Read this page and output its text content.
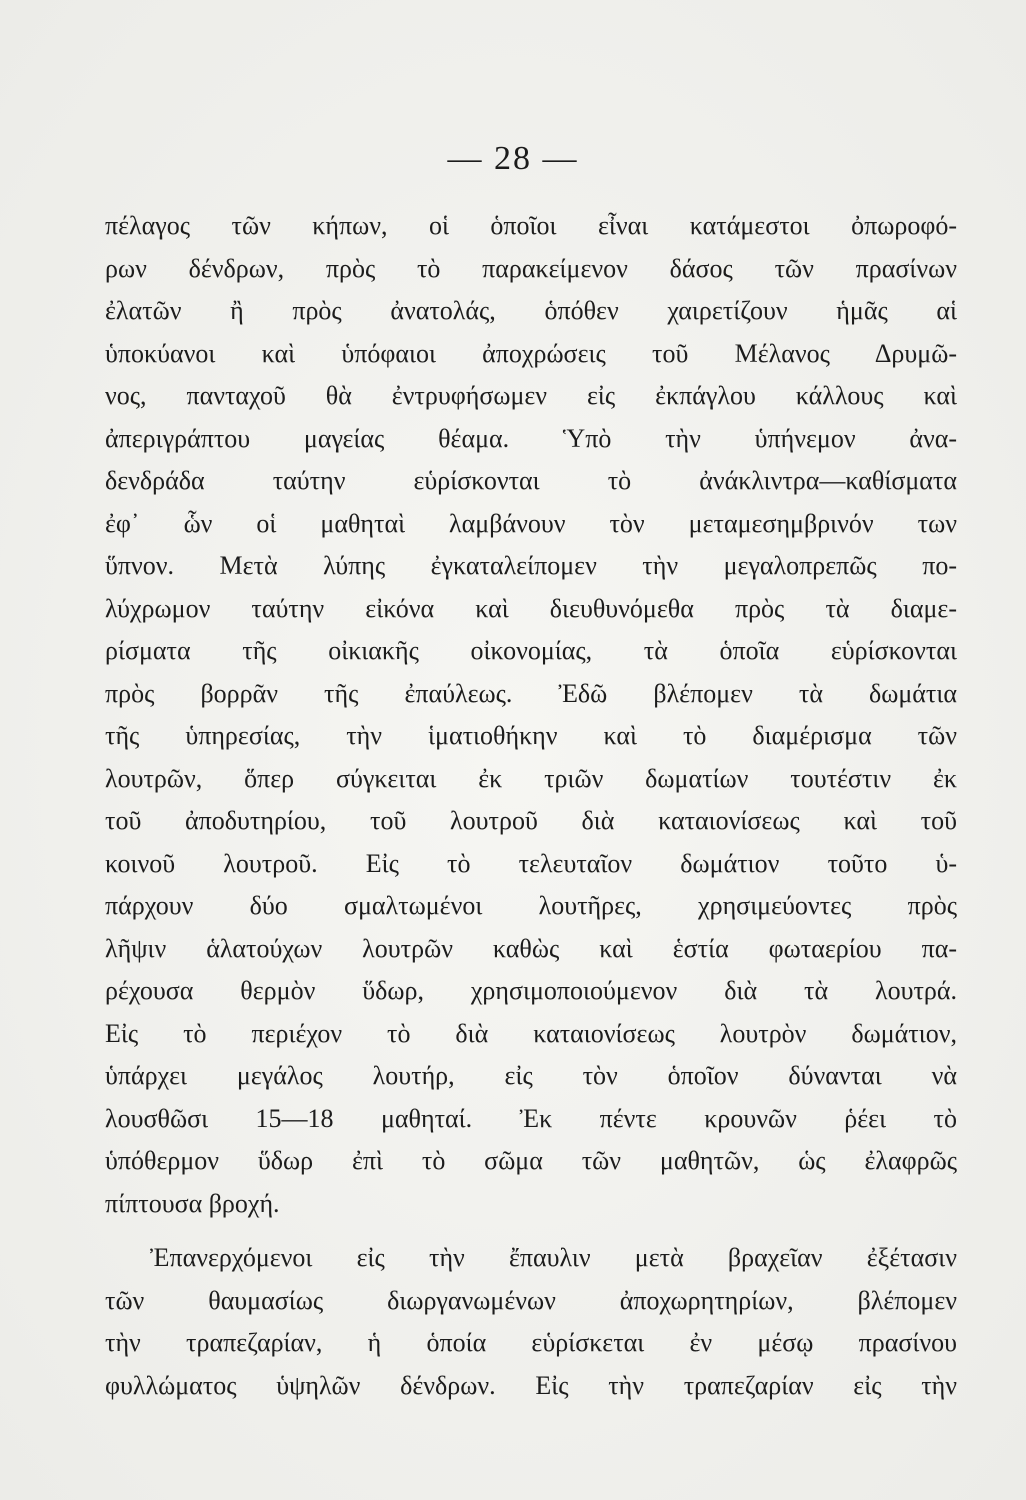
— 28 —
πέλαγος τῶν κήπων, οἱ ὁποῖοι εἶναι κατάμεστοι ὀπωροφό-
ρων δένδρων, πρὸς τὸ παρακείμενον δάσος τῶν πρασίνων
ἐλατῶν ἢ πρὸς ἀνατολάς, ὁπόθεν χαιρετίζουν ἡμᾶς αἱ
ὑποκύανοι καὶ ὑπόφαιοι ἀποχρώσεις τοῦ Μέλανος Δρυμῶ-
νος, πανταχοῦ θὰ ἐντρυφήσωμεν εἰς ἐκπάγλου κάλλους καὶ
ἀπεριγράπτου μαγείας θέαμα. Ὑπὸ τὴν ὑπήνεμον ἀνα-
δενδράδα ταύτην εὑρίσκονται τὸ ἀνάκλιντρα—καθίσματα
ἐφ᾽ ὧν οἱ μαθηταὶ λαμβάνουν τὸν μεταμεσημβρινόν των
ὕπνον. Μετὰ λύπης ἐγκαταλείπομεν τὴν μεγαλοπρεπῶς πο-
λύχρωμον ταύτην εἰκόνα καὶ διευθυνόμεθα πρὸς τὰ διαμε-
ρίσματα τῆς οἰκιακῆς οἰκονομίας, τὰ ὁποῖα εὑρίσκονται
πρὸς βορρᾶν τῆς ἐπαύλεως. Ἐδῶ βλέπομεν τὰ δωμάτια
τῆς ὑπηρεσίας, τὴν ἱματιοθήκην καὶ τὸ διαμέρισμα τῶν
λουτρῶν, ὅπερ σύγκειται ἐκ τριῶν δωματίων τουτέστιν ἐκ
τοῦ ἀποδυτηρίου, τοῦ λουτροῦ διὰ καταιονίσεως καὶ τοῦ
κοινοῦ λουτροῦ. Εἰς τὸ τελευταῖον δωμάτιον τοῦτο ὑ-
πάρχουν δύο σμαλτωμένοι λουτῆρες, χρησιμεύοντες πρὸς
λῆψιν ἁλατούχων λουτρῶν καθὼς καὶ ἑστία φωταερίου πα-
ρέχουσα θερμὸν ὕδωρ, χρησιμοποιούμενον διὰ τὰ λουτρά.
Εἰς τὸ περιέχον τὸ διὰ καταιονίσεως λουτρὸν δωμάτιον,
ὑπάρχει μεγάλος λουτήρ, εἰς τὸν ὁποῖον δύνανται νὰ
λουσθῶσι 15—18 μαθηταί. Ἐκ πέντε κρουνῶν ῥέει τὸ
ὑπόθερμον ὕδωρ ἐπὶ τὸ σῶμα τῶν μαθητῶν, ὡς ἐλαφρῶς
πίπτουσα βροχή.
Ἐπανερχόμενοι εἰς τὴν ἔπαυλιν μετὰ βραχεῖαν ἐξέτασιν
τῶν θαυμασίως διωργανωμένων ἀποχωρητηρίων, βλέπομεν
τὴν τραπεζαρίαν, ἡ ὁποία εὑρίσκεται ἐν μέσῳ πρασίνου
φυλλώματος ὑψηλῶν δένδρων. Εἰς τὴν τραπεζαρίαν εἰς τὴν
